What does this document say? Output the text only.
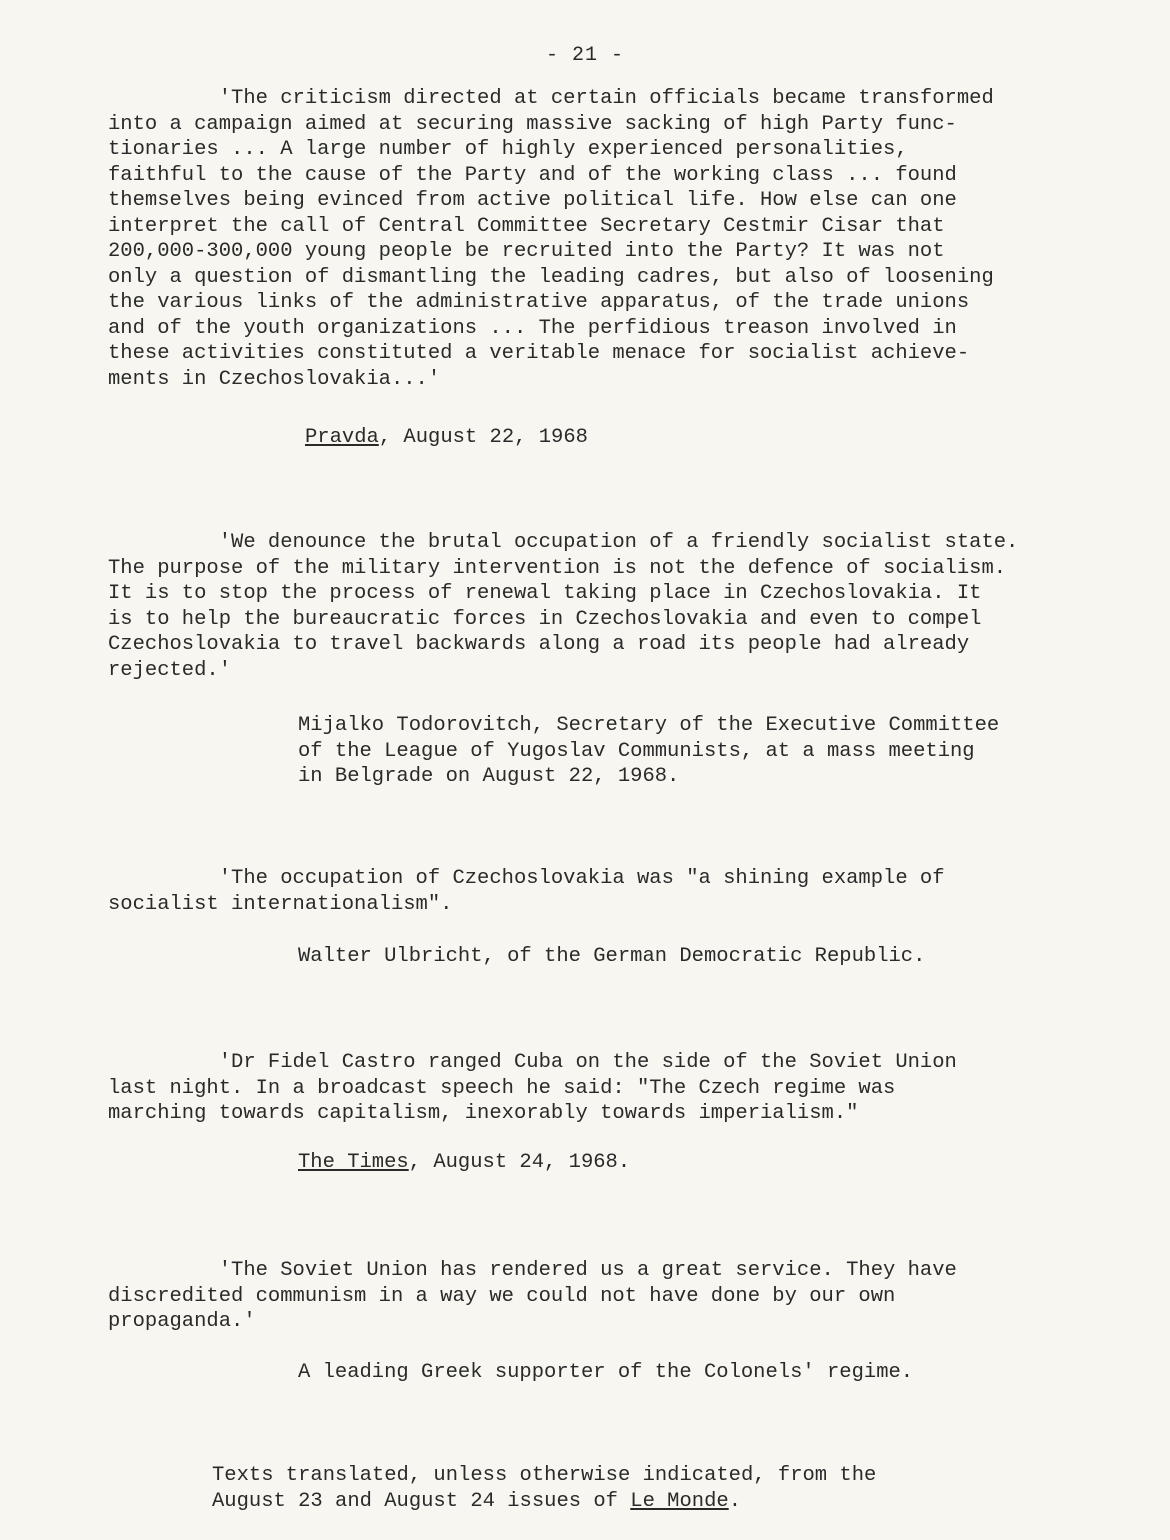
- 21 -

'The criticism directed at certain officials became transformed
into a campaign aimed at securing massive sacking of high Party func-
tionaries ... A large number of highly experienced personalities,
faithful to the cause of the Party and of the working class ... found
themselves being evinced from active political life. How else can one
interpret the call of Central Committee Secretary Cestmir Cisar that
200,000-300,000 young people be recruited into the Party? It was not
only a question of dismantling the leading cadres, but also of loosening
the various links of the administrative apparatus, of the trade unions
and of the youth organizations ... The perfidious treason involved in
these activities constituted a veritable menace for socialist achieve-
ments in Czechoslovakia...'

Pravda, August 22, 1968

'We denounce the brutal occupation of a friendly socialist state.
The purpose of the military intervention is not the defence of socialism.
It is to stop the process of renewal taking place in Czechoslovakia. It
is to help the bureaucratic forces in Czechoslovakia and even to compel
Czechoslovakia to travel backwards along a road its people had already
rejected.'

Mijalko Todorovitch, Secretary of the Executive Committee
of the League of Yugoslav Communists, at a mass meeting
in Belgrade on August 22, 1968.

'The occupation of Czechoslovakia was "a shining example of
socialist internationalism".

Walter Ulbricht, of the German Democratic Republic.

'Dr Fidel Castro ranged Cuba on the side of the Soviet Union
last night. In a broadcast speech he said: "The Czech regime was
marching towards capitalism, inexorably towards imperialism."

The Times, August 24, 1968.

'The Soviet Union has rendered us a great service. They have
discredited communism in a way we could not have done by our own
propaganda.'

A leading Greek supporter of the Colonels' regime.

Texts translated, unless otherwise indicated, from the
August 23 and August 24 issues of Le Monde.
